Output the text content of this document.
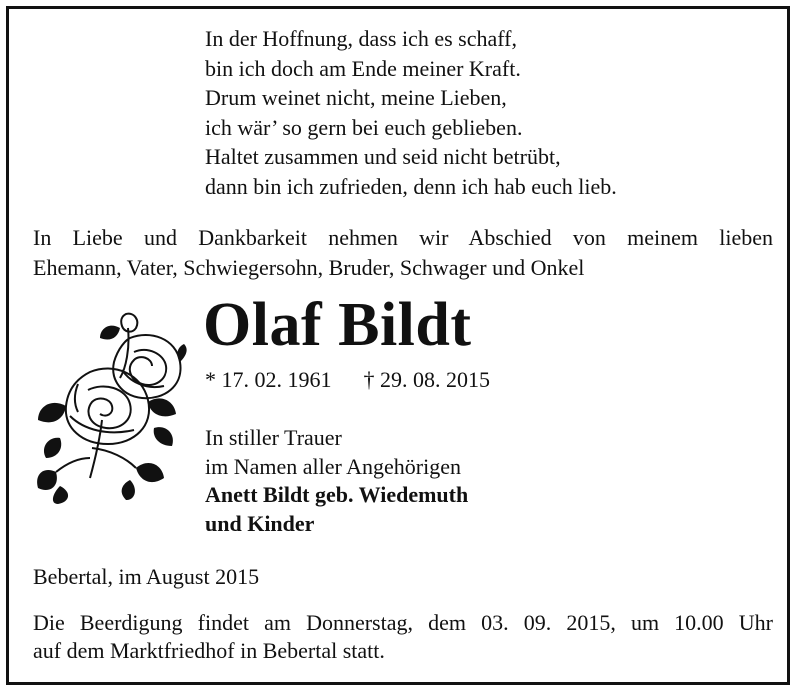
In der Hoffnung, dass ich es schaff,
bin ich doch am Ende meiner Kraft.
Drum weinet nicht, meine Lieben,
ich wär’ so gern bei euch geblieben.
Haltet zusammen und seid nicht betrübt,
dann bin ich zufrieden, denn ich hab euch lieb.
In Liebe und Dankbarkeit nehmen wir Abschied von meinem lieben
Ehemann, Vater, Schwiegersohn, Bruder, Schwager und Onkel
Olaf Bildt
* 17. 02. 1961 † 29. 08. 2015
In stiller Trauer
im Namen aller Angehörigen
Anett Bildt geb. Wiedemuth
und Kinder
Bebertal, im August 2015
Die Beerdigung findet am Donnerstag, dem 03. 09. 2015, um 10.00 Uhr
auf dem Marktfriedhof in Bebertal statt.
